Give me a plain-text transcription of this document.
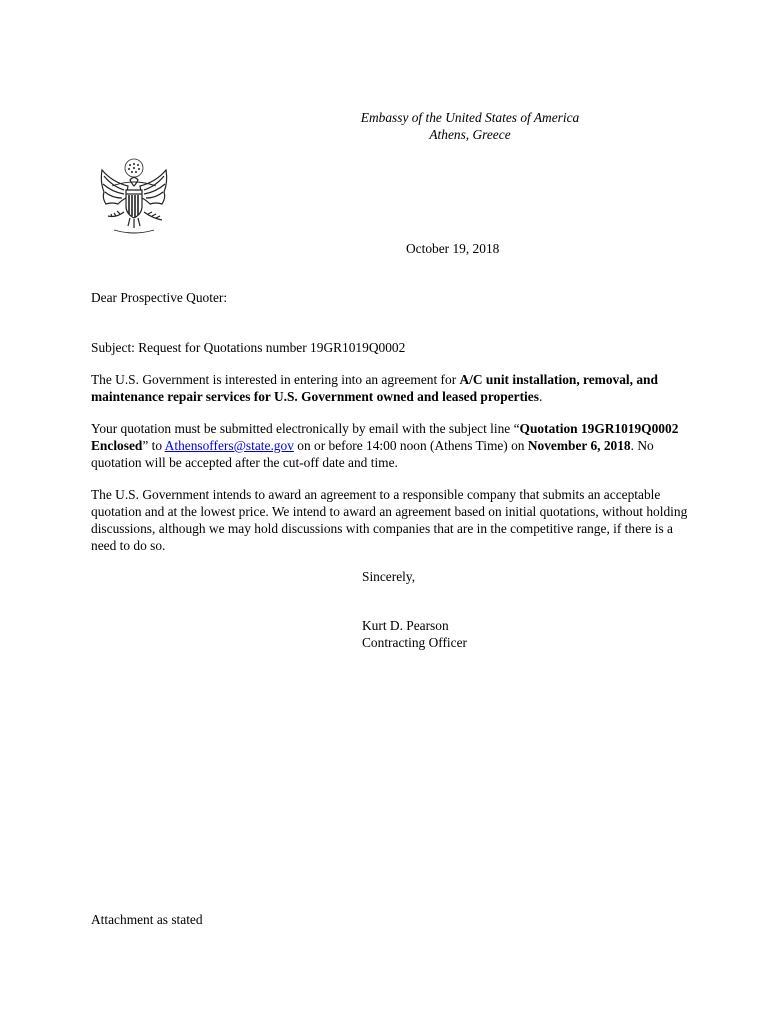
Embassy of the United States of America
Athens, Greece

October 19, 2018

Dear Prospective Quoter:

Subject: Request for Quotations number 19GR1019Q0002

The U.S. Government is interested in entering into an agreement for A/C unit installation, removal, and maintenance repair services for U.S. Government owned and leased properties.

Your quotation must be submitted electronically by email with the subject line “Quotation 19GR1019Q0002 Enclosed” to Athensoffers@state.gov on or before 14:00 noon (Athens Time) on November 6, 2018. No quotation will be accepted after the cut-off date and time.

The U.S. Government intends to award an agreement to a responsible company that submits an acceptable quotation and at the lowest price. We intend to award an agreement based on initial quotations, without holding discussions, although we may hold discussions with companies that are in the competitive range, if there is a need to do so.

Sincerely,

Kurt D. Pearson

Contracting Officer

Attachment as stated
